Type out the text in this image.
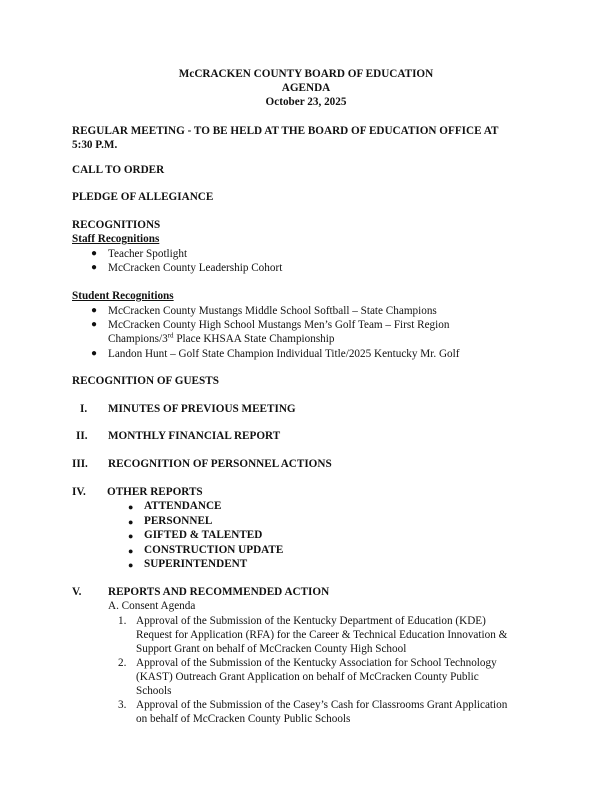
McCRACKEN COUNTY BOARD OF EDUCATION
AGENDA
October 23, 2025
REGULAR MEETING - TO BE HELD AT THE BOARD OF EDUCATION OFFICE AT
5:30 P.M.
CALL TO ORDER
PLEDGE OF ALLEGIANCE
RECOGNITIONS
Staff Recognitions
● Teacher Spotlight
● McCracken County Leadership Cohort
Student Recognitions
● McCracken County Mustangs Middle School Softball – State Champions
● McCracken County High School Mustangs Men’s Golf Team – First Region
Champions/3rd Place KHSAA State Championship
● Landon Hunt – Golf State Champion Individual Title/2025 Kentucky Mr. Golf
RECOGNITION OF GUESTS
I. MINUTES OF PREVIOUS MEETING
II. MONTHLY FINANCIAL REPORT
III. RECOGNITION OF PERSONNEL ACTIONS
IV. OTHER REPORTS
● ATTENDANCE
● PERSONNEL
● GIFTED & TALENTED
● CONSTRUCTION UPDATE
● SUPERINTENDENT
V. REPORTS AND RECOMMENDED ACTION
A. Consent Agenda
1. Approval of the Submission of the Kentucky Department of Education (KDE)
Request for Application (RFA) for the Career & Technical Education Innovation &
Support Grant on behalf of McCracken County High School
2. Approval of the Submission of the Kentucky Association for School Technology
(KAST) Outreach Grant Application on behalf of McCracken County Public
Schools
3. Approval of the Submission of the Casey’s Cash for Classrooms Grant Application
on behalf of McCracken County Public Schools
